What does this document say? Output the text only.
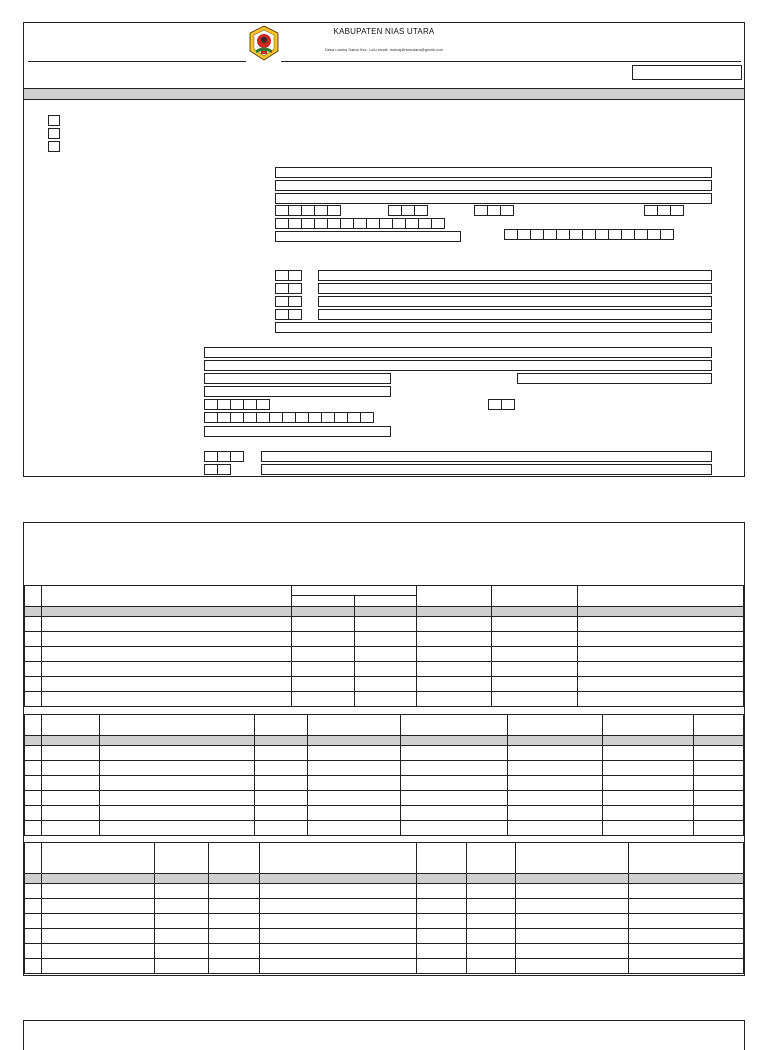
KABUPATEN NIAS UTARA
Desa Lawira Satua Kec. Lotu email: dukcapilniasutara@gmail.com
